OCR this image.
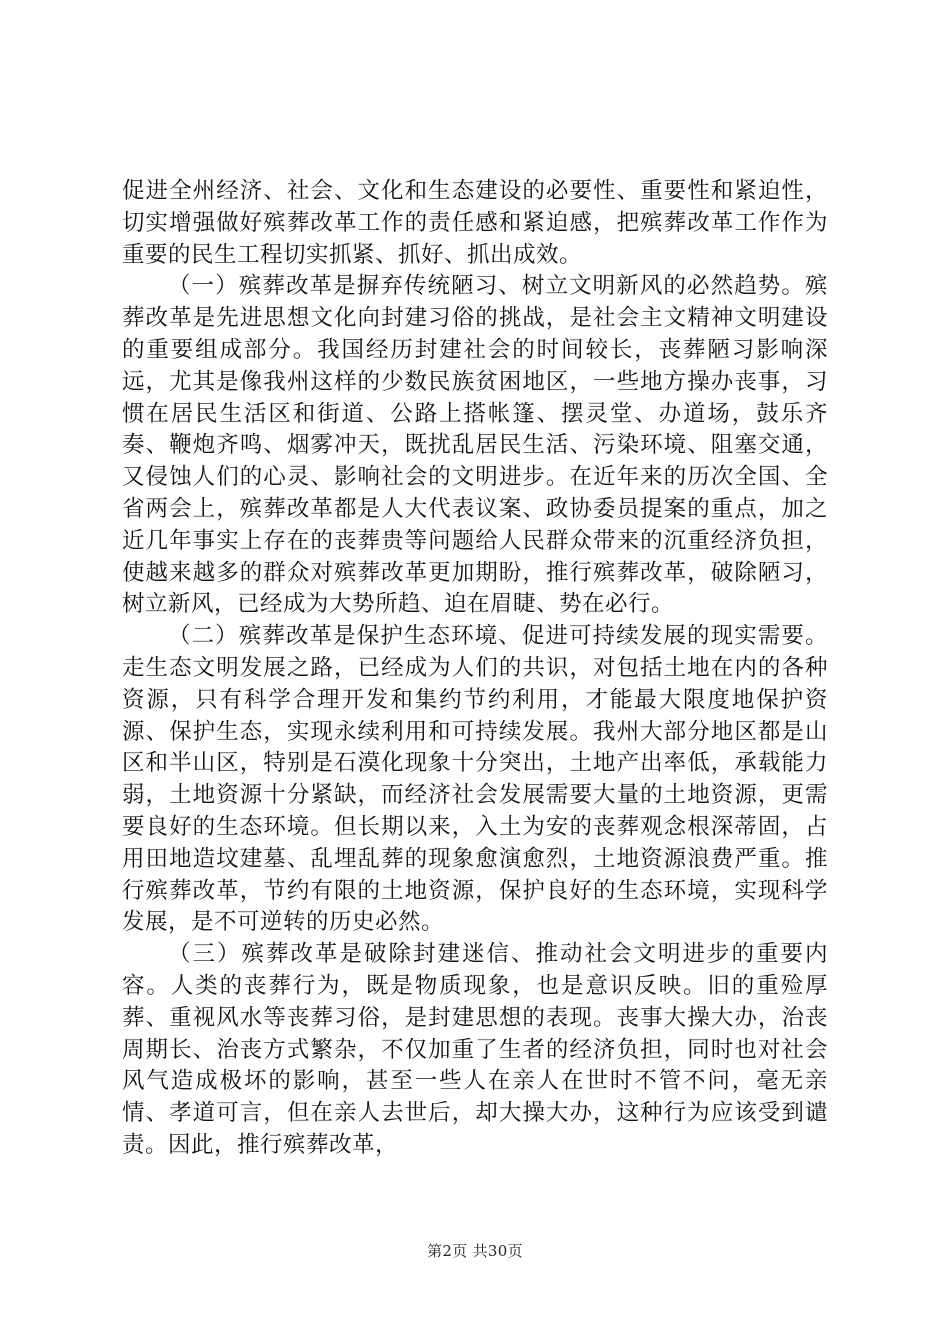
促进全州经济、社会、文化和生态建设的必要性、重要性和紧迫性，切实增强做好殡葬改革工作的责任感和紧迫感，把殡葬改革工作作为重要的民生工程切实抓紧、抓好、抓出成效。

（一）殡葬改革是摒弃传统陋习、树立文明新风的必然趋势。殡葬改革是先进思想文化向封建习俗的挑战，是社会主文精神文明建设的重要组成部分。我国经历封建社会的时间较长，丧葬陋习影响深远，尤其是像我州这样的少数民族贫困地区，一些地方操办丧事，习惯在居民生活区和街道、公路上搭帐篷、摆灵堂、办道场，鼓乐齐奏、鞭炮齐鸣、烟雾冲天，既扰乱居民生活、污染环境、阻塞交通，又侵蚀人们的心灵、影响社会的文明进步。在近年来的历次全国、全省两会上，殡葬改革都是人大代表议案、政协委员提案的重点，加之近几年事实上存在的丧葬贵等问题给人民群众带来的沉重经济负担，使越来越多的群众对殡葬改革更加期盼，推行殡葬改革，破除陋习，树立新风，已经成为大势所趋、迫在眉睫、势在必行。

（二）殡葬改革是保护生态环境、促进可持续发展的现实需要。走生态文明发展之路，已经成为人们的共识，对包括土地在内的各种资源，只有科学合理开发和集约节约利用，才能最大限度地保护资源、保护生态，实现永续利用和可持续发展。我州大部分地区都是山区和半山区，特别是石漠化现象十分突出，土地产出率低，承载能力弱，土地资源十分紧缺，而经济社会发展需要大量的土地资源，更需要良好的生态环境。但长期以来，入土为安的丧葬观念根深蒂固，占用田地造坟建墓、乱埋乱葬的现象愈演愈烈，土地资源浪费严重。推行殡葬改革，节约有限的土地资源，保护良好的生态环境，实现科学发展，是不可逆转的历史必然。

（三）殡葬改革是破除封建迷信、推动社会文明进步的重要内容。人类的丧葬行为，既是物质现象，也是意识反映。旧的重殓厚葬、重视风水等丧葬习俗，是封建思想的表现。丧事大操大办，治丧周期长、治丧方式繁杂，不仅加重了生者的经济负担，同时也对社会风气造成极坏的影响，甚至一些人在亲人在世时不管不问，毫无亲情、孝道可言，但在亲人去世后，却大操大办，这种行为应该受到谴责。因此，推行殡葬改革，

第2页 共30页
